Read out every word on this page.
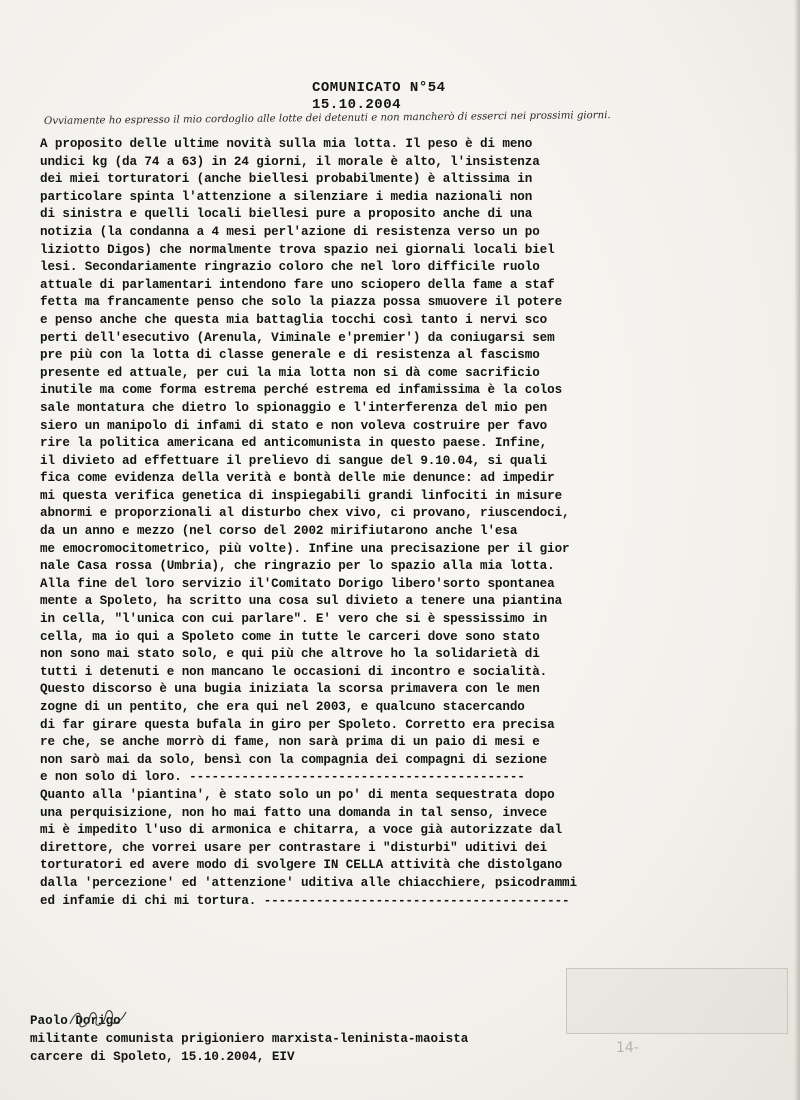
COMUNICATO N°54
15.10.2004
Ovviamente ho espresso il mio cordoglio alle lotte dei detenuti e non mancherò di esserci nei prossimi giorni.
A proposito delle ultime novità sulla mia lotta. Il peso è di meno
undici kg (da 74 a 63) in 24 giorni, il morale è alto, l'insistenza
dei miei torturatori (anche biellesi probabilmente) è altissima in
particolare spinta l'attenzione a silenziare i media nazionali non
di sinistra e quelli locali biellesi pure a proposito anche di una
notizia (la condanna a 4 mesi perl'azione di resistenza verso un po
liziotto Digos) che normalmente trova spazio nei giornali locali biel
lesi. Secondariamente ringrazio coloro che nel loro difficile ruolo
attuale di parlamentari intendono fare uno sciopero della fame a staf
fetta ma francamente penso che solo la piazza possa smuovere il potere
e penso anche che questa mia battaglia tocchi così tanto i nervi sco
perti dell'esecutivo (Arenula, Viminale e'premier') da coniugarsi sem
pre più con la lotta di classe generale e di resistenza al fascismo
presente ed attuale, per cui la mia lotta non si dà come sacrificio
inutile ma come forma estrema perché estrema ed infamissima è la colos
sale montatura che dietro lo spionaggio e l'interferenza del mio pen
siero un manipolo di infami di stato e non voleva costruire per favo
rire la politica americana ed anticomunista in questo paese. Infine,
il divieto ad effettuare il prelievo di sangue del 9.10.04, si quali
fica come evidenza della verità e bontà delle mie denunce: ad impedir
mi questa verifica genetica di inspiegabili grandi linfociti in misure
abnormi e proporzionali al disturbo chex vivo, ci provano, riuscendoci,
da un anno e mezzo (nel corso del 2002 mirifiutarono anche l'esa
me emocromocitometrico, più volte). Infine una precisazione per il gior
nale Casa rossa (Umbria), che ringrazio per lo spazio alla mia lotta.
Alla fine del loro servizio il'Comitato Dorigo libero'sorto spontanea
mente a Spoleto, ha scritto una cosa sul divieto a tenere una piantina
in cella, "l'unica con cui parlare". E' vero che si è spessissimo in
cella, ma io qui a Spoleto come in tutte le carceri dove sono stato
non sono mai stato solo, e qui più che altrove ho la solidarietà di
tutti i detenuti e non mancano le occasioni di incontro e socialità.
Questo discorso è una bugia iniziata la scorsa primavera con le men
zogne di un pentito, che era qui nel 2003, e qualcuno stacercando
di far girare questa bufala in giro per Spoleto. Corretto era precisa
re che, se anche morrò di fame, non sarà prima di un paio di mesi e
non sarò mai da solo, bensì con la compagnia dei compagni di sezione
e non solo di loro. ---------------------------------------------
Quanto alla 'piantina', è stato solo un po' di menta sequestrata dopo
una perquisizione, non ho mai fatto una domanda in tal senso, invece
mi è impedito l'uso di armonica e chitarra, a voce già autorizzate dal
direttore, che vorrei usare per contrastare i "disturbi" uditivi dei
torturatori ed avere modo di svolgere IN CELLA attività che distolgano
dalla 'percezione' ed 'attenzione' uditiva alle chiacchiere, psicodrammi
ed infamie di chi mi tortura. -----------------------------------------
14-
Paolo Dorigo
militante comunista prigioniero marxista-leninista-maoista
carcere di Spoleto, 15.10.2004, EIV
